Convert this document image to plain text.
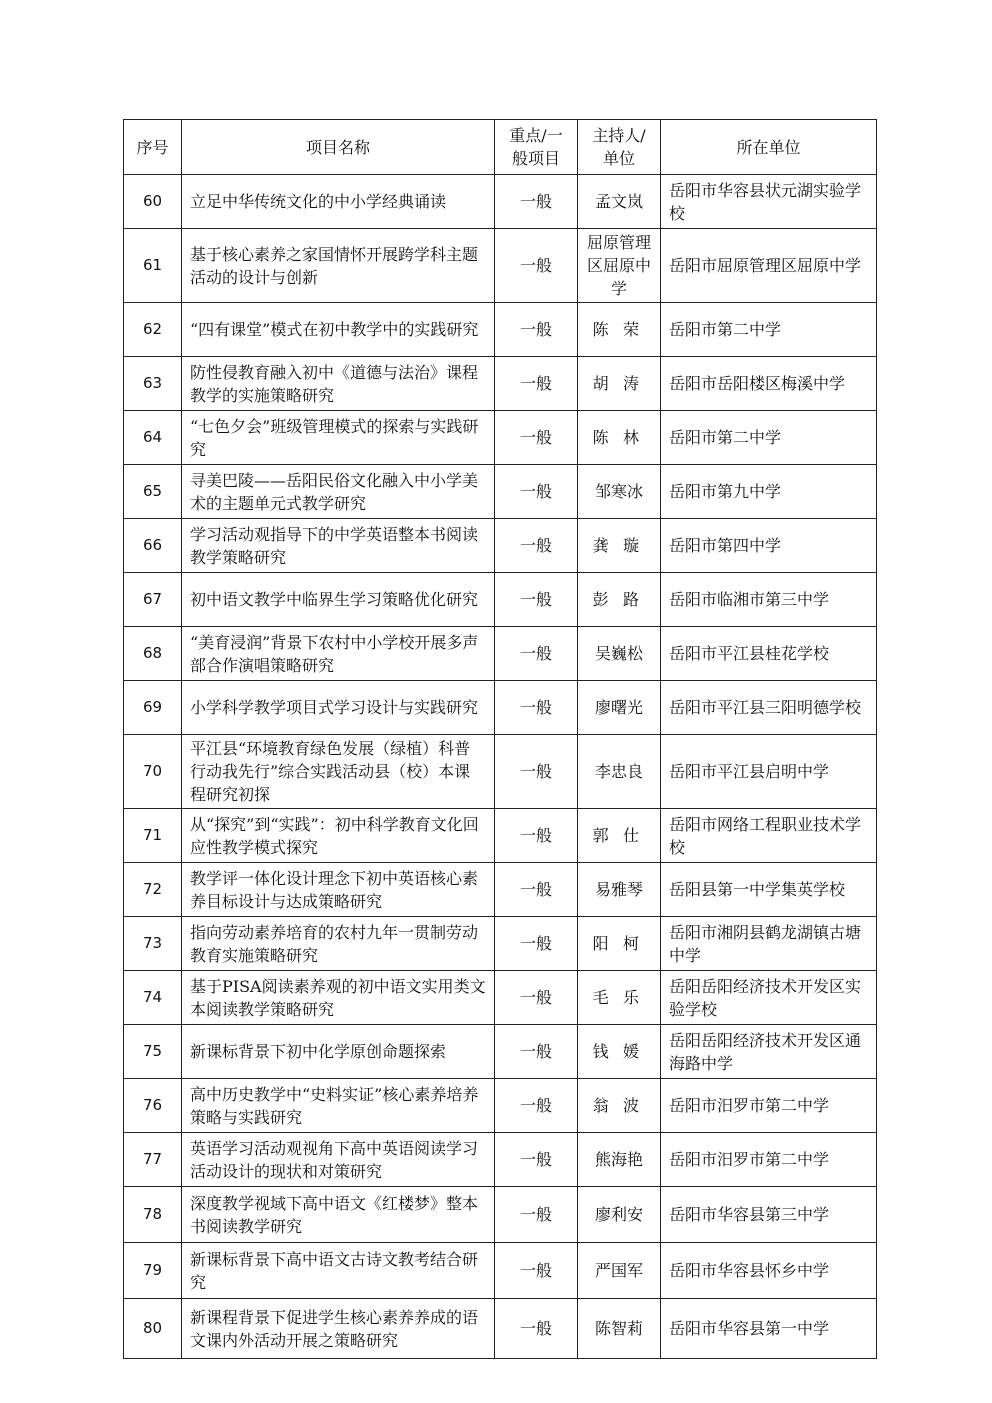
序号	项目名称	重点/一般项目	主持人/单位	所在单位
60	立足中华传统文化的中小学经典诵读	一般	孟文岚	岳阳市华容县状元湖实验学校
61	基于核心素养之家国情怀开展跨学科主题活动的设计与创新	一般	屈原管理区屈原中学	岳阳市屈原管理区屈原中学
62	“四有课堂”模式在初中教学中的实践研究	一般	陈荣	岳阳市第二中学
63	防性侵教育融入初中《道德与法治》课程教学的实施策略研究	一般	胡涛	岳阳市岳阳楼区梅溪中学
64	“七色夕会”班级管理模式的探索与实践研究	一般	陈林	岳阳市第二中学
65	寻美巴陵——岳阳民俗文化融入中小学美术的主题单元式教学研究	一般	邹寒冰	岳阳市第九中学
66	学习活动观指导下的中学英语整本书阅读教学策略研究	一般	龚璇	岳阳市第四中学
67	初中语文教学中临界生学习策略优化研究	一般	彭路	岳阳市临湘市第三中学
68	“美育浸润”背景下农村中小学校开展多声部合作演唱策略研究	一般	吴巍松	岳阳市平江县桂花学校
69	小学科学教学项目式学习设计与实践研究	一般	廖曙光	岳阳市平江县三阳明德学校
70	平江县“环境教育绿色发展（绿植）科普行动我先行”综合实践活动县（校）本课程研究初探	一般	李忠良	岳阳市平江县启明中学
71	从“探究”到“实践”：初中科学教育文化回应性教学模式探究	一般	郭仕	岳阳市网络工程职业技术学校
72	教学评一体化设计理念下初中英语核心素养目标设计与达成策略研究	一般	易雅琴	岳阳县第一中学集英学校
73	指向劳动素养培育的农村九年一贯制劳动教育实施策略研究	一般	阳柯	岳阳市湘阴县鹤龙湖镇古塘中学
74	基于PISA阅读素养观的初中语文实用类文本阅读教学策略研究	一般	毛乐	岳阳岳阳经济技术开发区实验学校
75	新课标背景下初中化学原创命题探索	一般	钱媛	岳阳岳阳经济技术开发区通海路中学
76	高中历史教学中“史料实证”核心素养培养策略与实践研究	一般	翁波	岳阳市汨罗市第二中学
77	英语学习活动观视角下高中英语阅读学习活动设计的现状和对策研究	一般	熊海艳	岳阳市汨罗市第二中学
78	深度教学视域下高中语文《红楼梦》整本书阅读教学研究	一般	廖利安	岳阳市华容县第三中学
79	新课标背景下高中语文古诗文教考结合研究	一般	严国军	岳阳市华容县怀乡中学
80	新课程背景下促进学生核心素养养成的语文课内外活动开展之策略研究	一般	陈智莉	岳阳市华容县第一中学
